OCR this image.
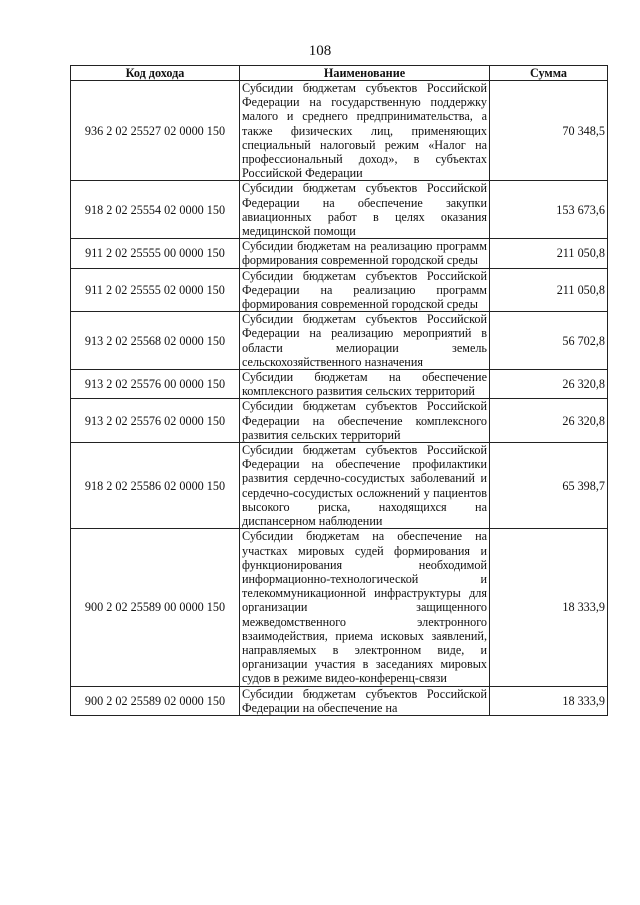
108
Код дохода	Наименование	Сумма
936 2 02 25527 02 0000 150	Субсидии бюджетам субъектов Российской Федерации на государственную поддержку малого и среднего предпринимательства, а также физических лиц, применяющих специальный налоговый режим «Налог на профессиональный доход», в субъектах Российской Федерации	70 348,5
918 2 02 25554 02 0000 150	Субсидии бюджетам субъектов Российской Федерации на обеспечение закупки авиационных работ в целях оказания медицинской помощи	153 673,6
911 2 02 25555 00 0000 150	Субсидии бюджетам на реализацию программ формирования современной городской среды	211 050,8
911 2 02 25555 02 0000 150	Субсидии бюджетам субъектов Российской Федерации на реализацию программ формирования современной городской среды	211 050,8
913 2 02 25568 02 0000 150	Субсидии бюджетам субъектов Российской Федерации на реализацию мероприятий в области мелиорации земель сельскохозяйственного назначения	56 702,8
913 2 02 25576 00 0000 150	Субсидии бюджетам на обеспечение комплексного развития сельских территорий	26 320,8
913 2 02 25576 02 0000 150	Субсидии бюджетам субъектов Российской Федерации на обеспечение комплексного развития сельских территорий	26 320,8
918 2 02 25586 02 0000 150	Субсидии бюджетам субъектов Российской Федерации на обеспечение профилактики развития сердечно-сосудистых заболеваний и сердечно-сосудистых осложнений у пациентов высокого риска, находящихся на диспансерном наблюдении	65 398,7
900 2 02 25589 00 0000 150	Субсидии бюджетам на обеспечение на участках мировых судей формирования и функционирования необходимой информационно-технологической и телекоммуникационной инфраструктуры для организации защищенного межведомственного электронного взаимодействия, приема исковых заявлений, направляемых в электронном виде, и организации участия в заседаниях мировых судов в режиме видео-конференц-связи	18 333,9
900 2 02 25589 02 0000 150	Субсидии бюджетам субъектов Российской Федерации на обеспечение на	18 333,9
